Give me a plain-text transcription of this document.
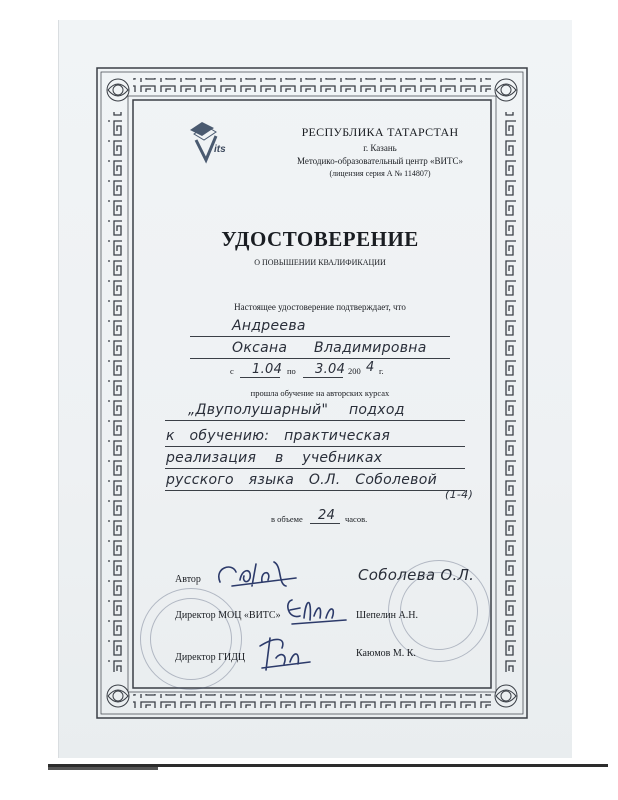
its
РЕСПУБЛИКА ТАТАРСТАН
г. Казань
Методико-образовательный центр «ВИТС»
(лицензия серия А № 114807)
УДОСТОВЕРЕНИЕ
О ПОВЫШЕНИИ КВАЛИФИКАЦИИ
Настоящее удостоверение подтверждает, что
Андреева
Оксана Владимировна
с 1.04 по 3.04 200 4 г.
прошла обучение на авторских курсах
„Двуполушарный" подход
к обучению: практическая
реализация в учебниках
русского языка О.Л. Соболевой
(1-4)
в объеме 24 часов.
Автор	Соболева О.Л.
Директор МОЦ «ВИТС»	Шепелин А.Н.
Директор ГИДЦ	Каюмов М. К.
